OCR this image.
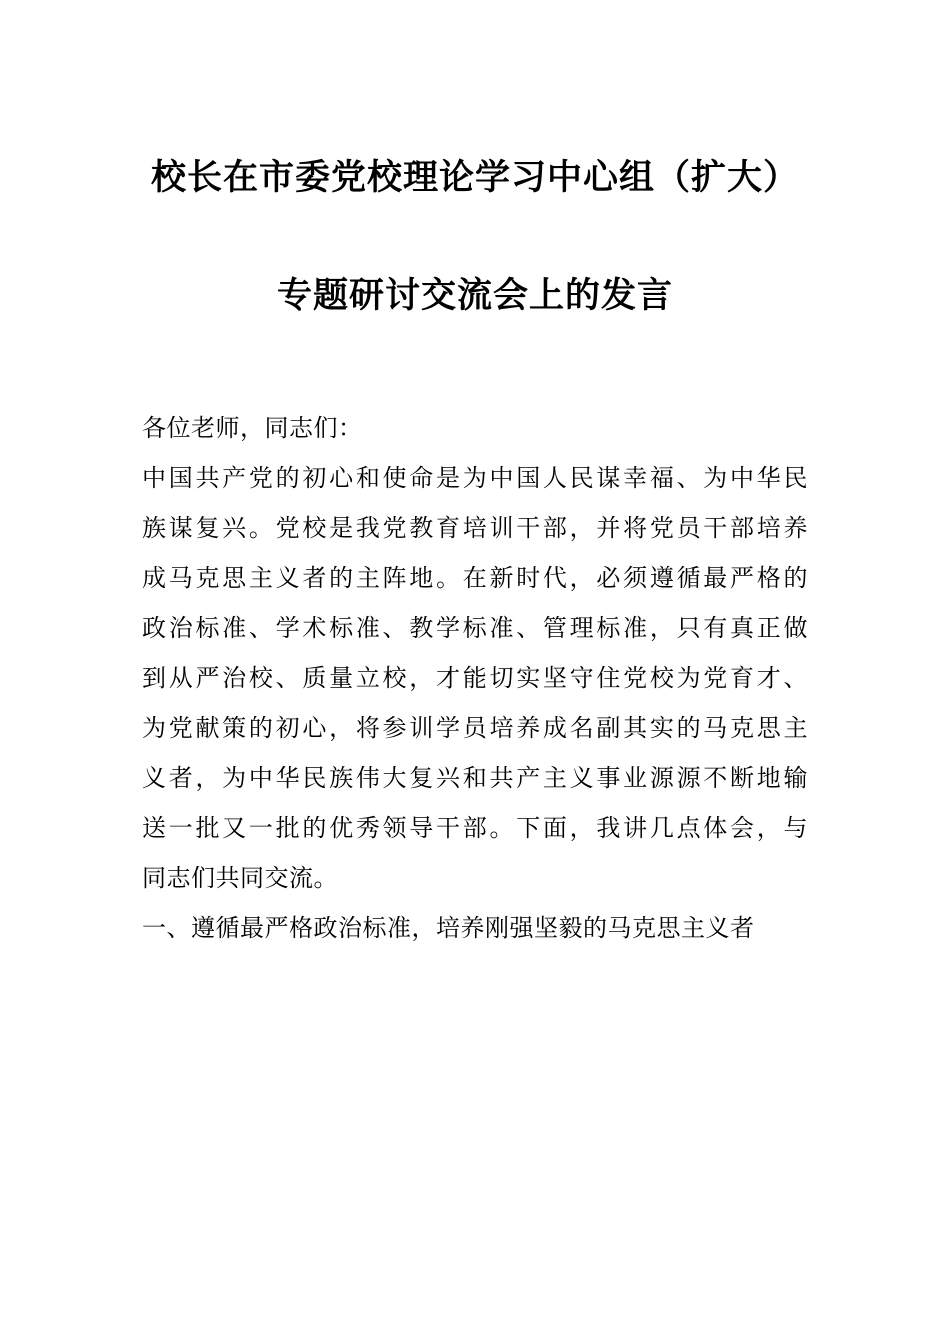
校长在市委党校理论学习中心组（扩大）
专题研讨交流会上的发言
各位老师，同志们：
中国共产党的初心和使命是为中国人民谋幸福、为中华民
族谋复兴。党校是我党教育培训干部，并将党员干部培养
成马克思主义者的主阵地。在新时代，必须遵循最严格的
政治标准、学术标准、教学标准、管理标准，只有真正做
到从严治校、质量立校，才能切实坚守住党校为党育才、
为党献策的初心，将参训学员培养成名副其实的马克思主
义者，为中华民族伟大复兴和共产主义事业源源不断地输
送一批又一批的优秀领导干部。下面，我讲几点体会，与
同志们共同交流。
一、遵循最严格政治标准，培养刚强坚毅的马克思主义者
